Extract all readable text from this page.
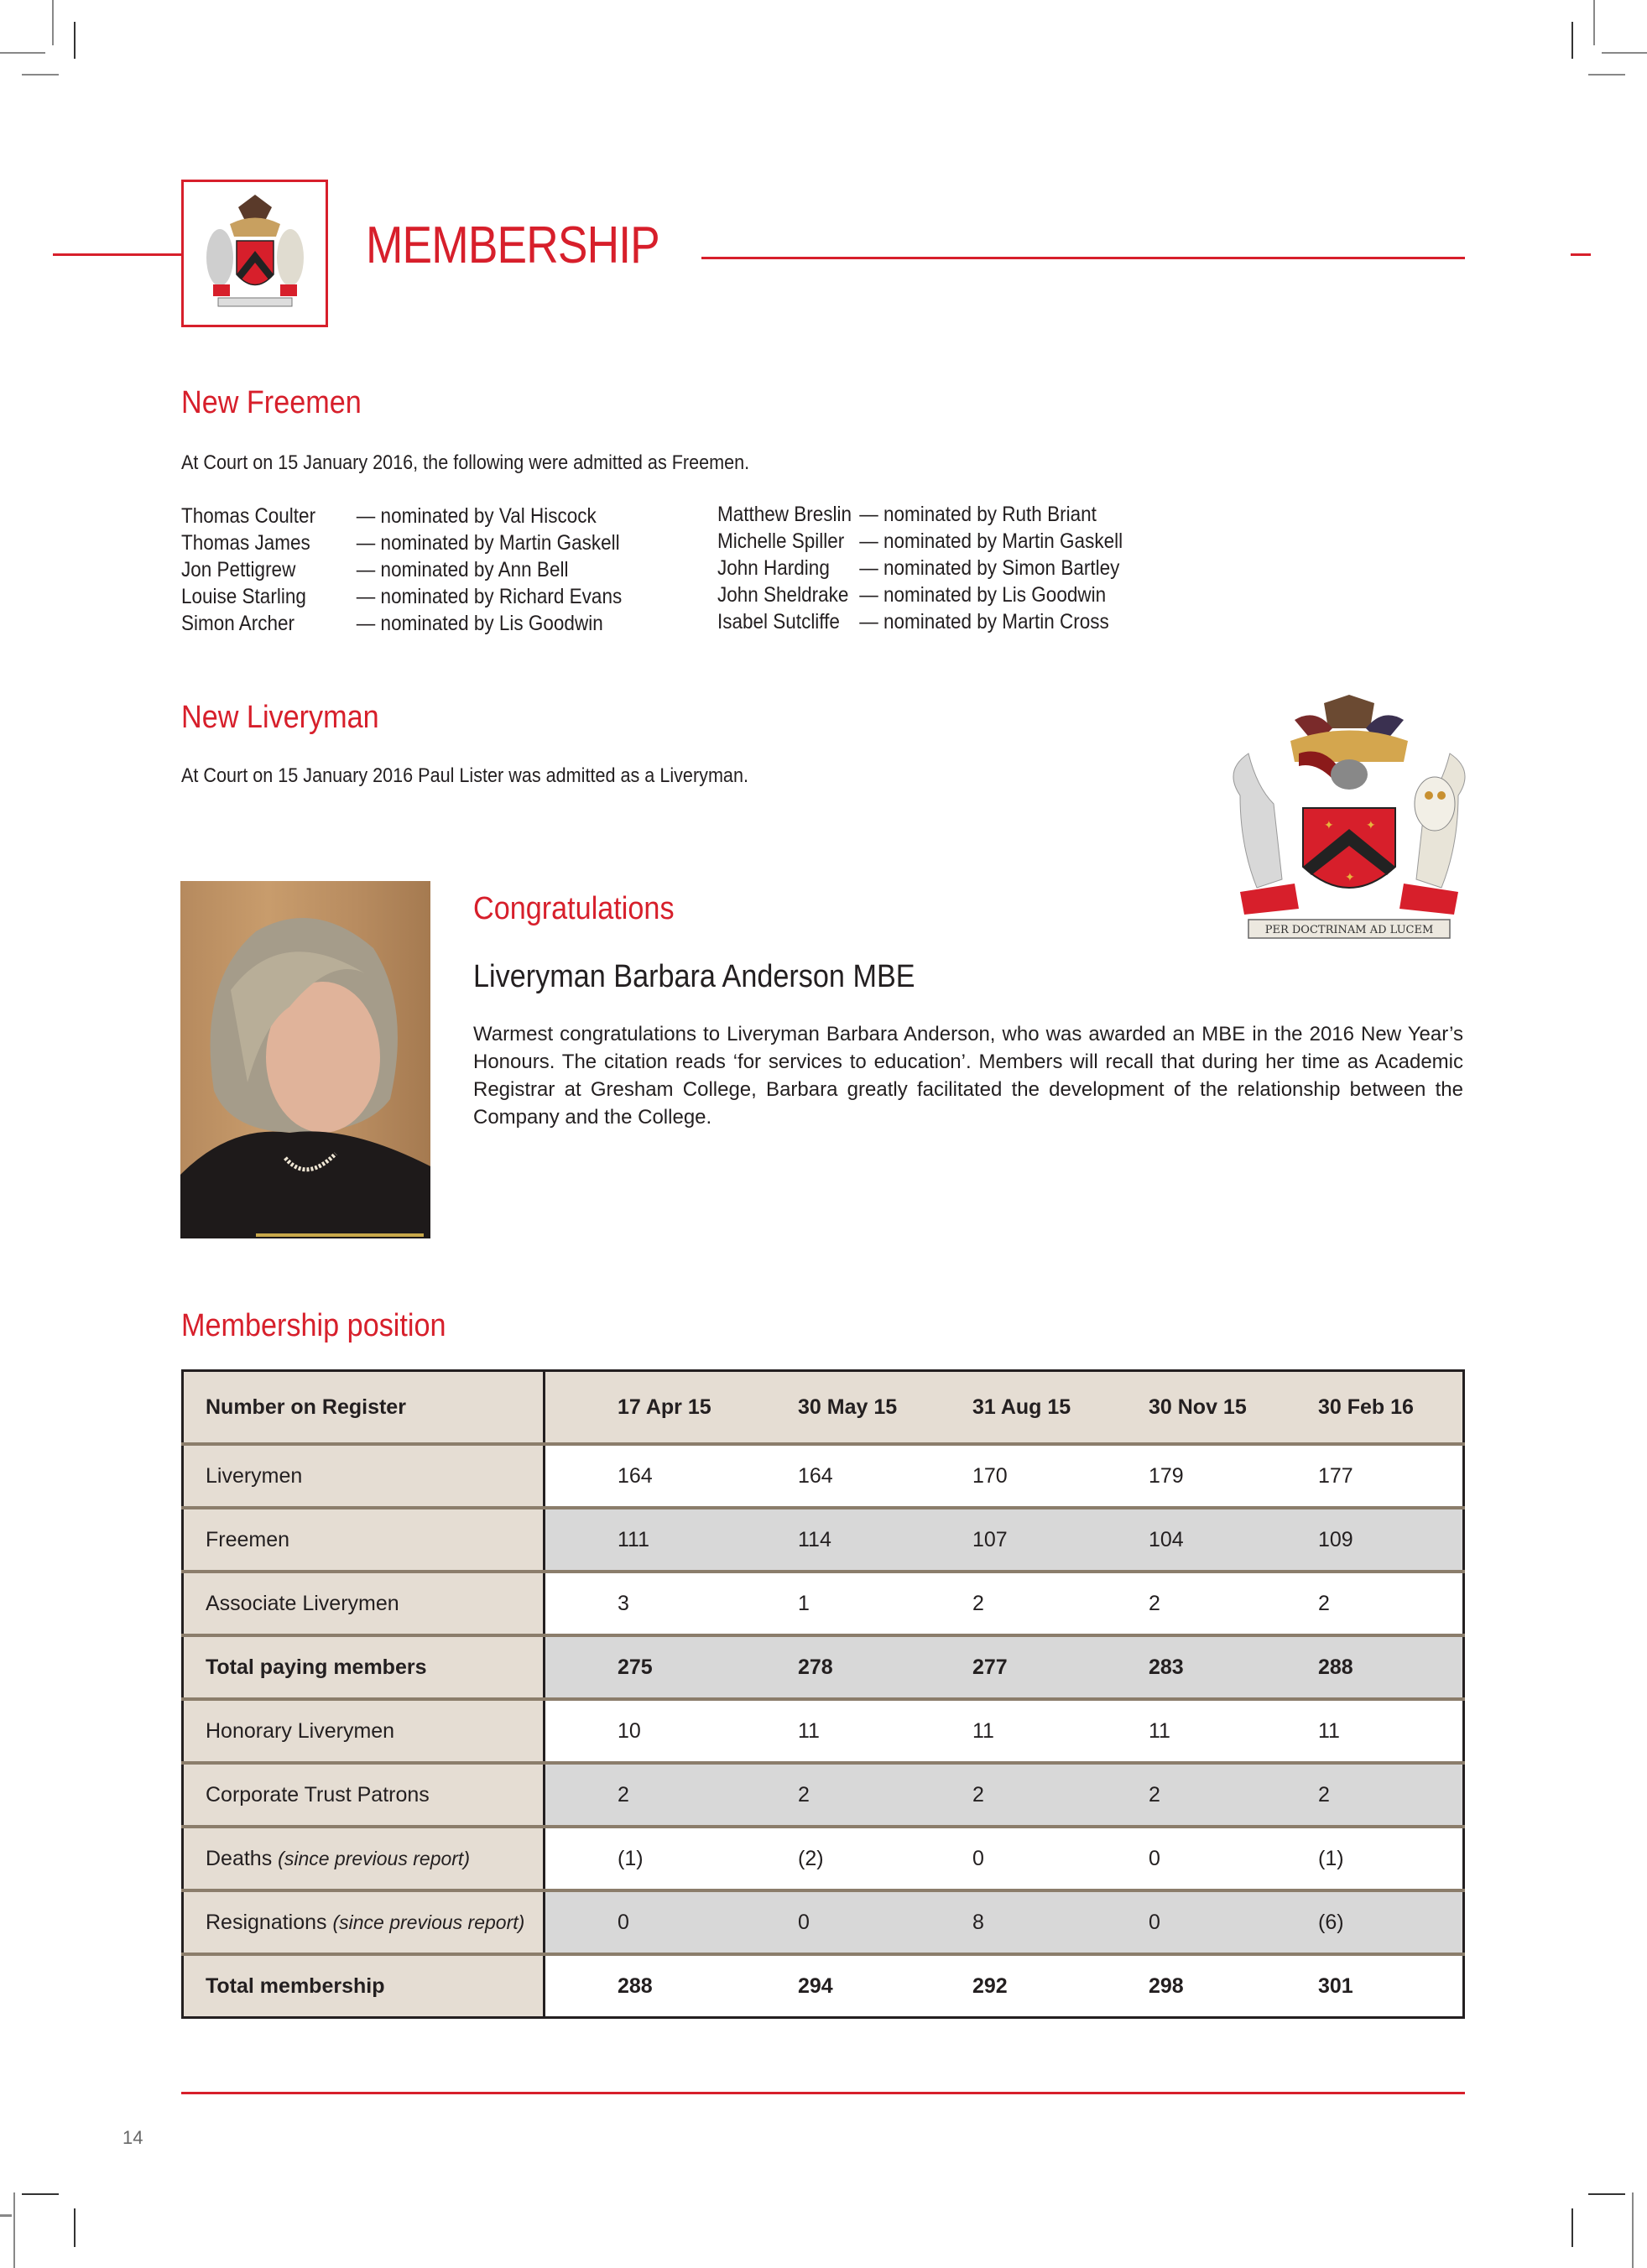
MEMBERSHIP
New Freemen
At Court on 15 January 2016, the following were admitted as Freemen.
Thomas Coulter	— nominated by Val Hiscock
Thomas James	— nominated by Martin Gaskell
Jon Pettigrew	— nominated by Ann Bell
Louise Starling	— nominated by Richard Evans
Simon Archer	— nominated by Lis Goodwin
Matthew Breslin — nominated by Ruth Briant
Michelle Spiller — nominated by Martin Gaskell
John Harding	— nominated by Simon Bartley
John Sheldrake — nominated by Lis Goodwin
Isabel Sutcliffe — nominated by Martin Cross
New Liveryman
At Court on 15 January 2016 Paul Lister was admitted as a Liveryman.
✦	✦
✦
PER DOCTRINAM AD LUCEM
Congratulations
Liveryman Barbara Anderson MBE
Warmest congratulations to Liveryman Barbara Anderson, who was awarded an MBE in the 2016 New Year’s Honours. The citation reads ‘for services to education’. Members will recall that during her time as Academic Registrar at Gresham College, Barbara greatly facilitated the development of the relationship between the Company and the College.
Membership position
Number on Register	17 Apr 15	30 May 15	31 Aug 15	30 Nov 15	30 Feb 16
Liverymen	164	164	170	179	177
Freemen	111	114	107	104	109
Associate Liverymen	3	1	2	2	2
Total paying members	275	278	277	283	288
Honorary Liverymen	10	11	11	11	11
Corporate Trust Patrons	2	2	2	2	2
Deaths (since previous report)	(1)	(2)	0	0	(1)
Resignations (since previous report)	0	0	8	0	(6)
Total membership	288	294	292	298	301
14
